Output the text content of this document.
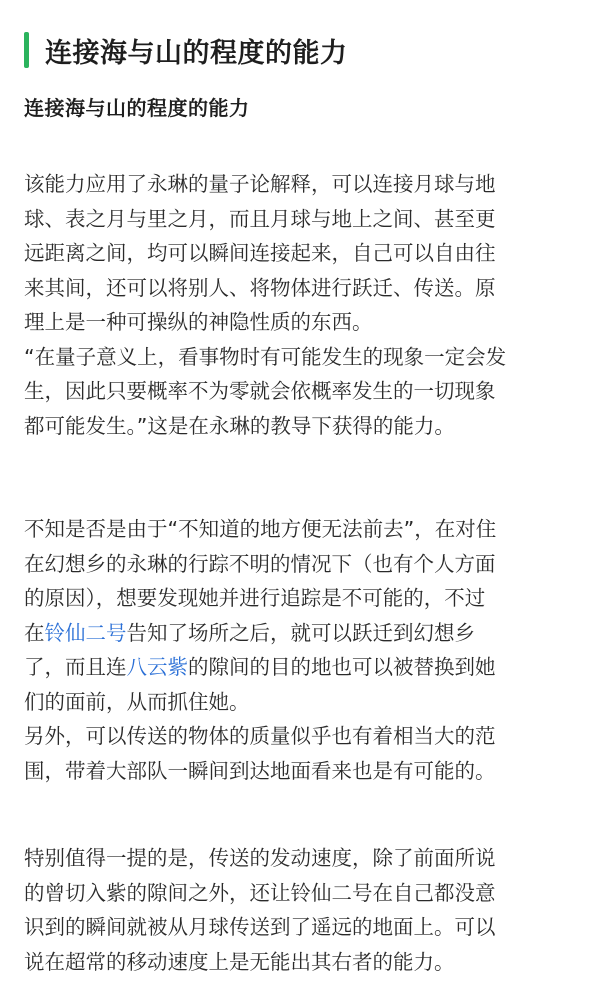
连接海与山的程度的能力
连接海与山的程度的能力
该能力应用了永琳的量子论解释，可以连接月球与地
球、表之月与里之月，而且月球与地上之间、甚至更
远距离之间，均可以瞬间连接起来，自己可以自由往
来其间，还可以将别人、将物体进行跃迁、传送。原
理上是一种可操纵的神隐性质的东西。
“在量子意义上，看事物时有可能发生的现象一定会发
生，因此只要概率不为零就会依概率发生的一切现象
都可能发生。”这是在永琳的教导下获得的能力。
不知是否是由于“不知道的地方便无法前去”，在对住
在幻想乡的永琳的行踪不明的情况下（也有个人方面
的原因），想要发现她并进行追踪是不可能的，不过
在铃仙二号告知了场所之后，就可以跃迁到幻想乡
了，而且连八云紫的隙间的目的地也可以被替换到她
们的面前，从而抓住她。
另外，可以传送的物体的质量似乎也有着相当大的范
围，带着大部队一瞬间到达地面看来也是有可能的。
特别值得一提的是，传送的发动速度，除了前面所说
的曾切入紫的隙间之外，还让铃仙二号在自己都没意
识到的瞬间就被从月球传送到了遥远的地面上。可以
说在超常的移动速度上是无能出其右者的能力。
